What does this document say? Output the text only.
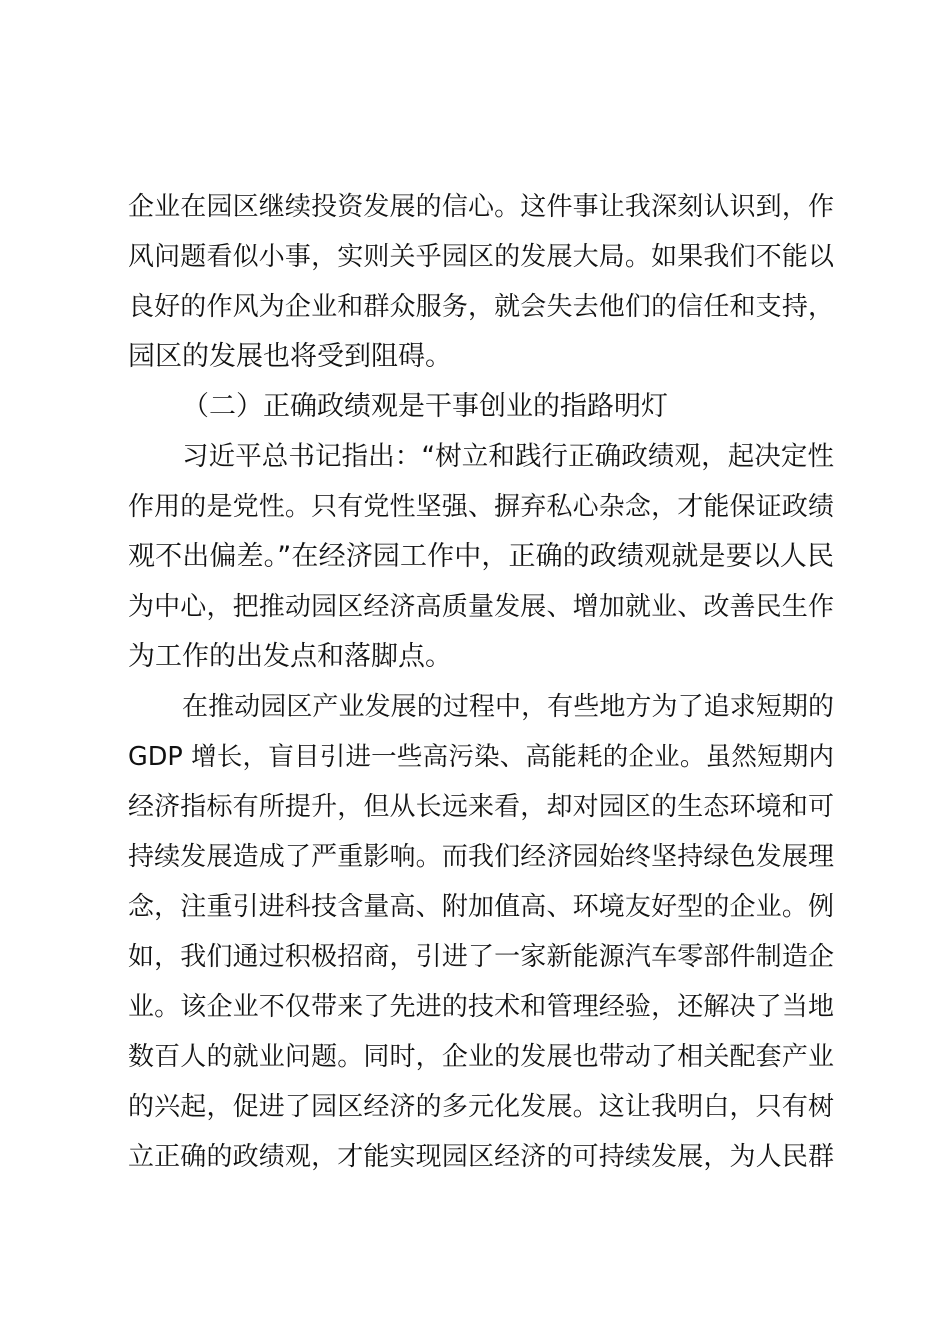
企业在园区继续投资发展的信心。这件事让我深刻认识到，作
风问题看似小事，实则关乎园区的发展大局。如果我们不能以
良好的作风为企业和群众服务，就会失去他们的信任和支持，
园区的发展也将受到阻碍。
（二）正确政绩观是干事创业的指路明灯
习近平总书记指出：“树立和践行正确政绩观，起决定性
作用的是党性。只有党性坚强、摒弃私心杂念，才能保证政绩
观不出偏差。”在经济园工作中，正确的政绩观就是要以人民
为中心，把推动园区经济高质量发展、增加就业、改善民生作
为工作的出发点和落脚点。
在推动园区产业发展的过程中，有些地方为了追求短期的
GDP 增长，盲目引进一些高污染、高能耗的企业。虽然短期内
经济指标有所提升，但从长远来看，却对园区的生态环境和可
持续发展造成了严重影响。而我们经济园始终坚持绿色发展理
念，注重引进科技含量高、附加值高、环境友好型的企业。例
如，我们通过积极招商，引进了一家新能源汽车零部件制造企
业。该企业不仅带来了先进的技术和管理经验，还解决了当地
数百人的就业问题。同时，企业的发展也带动了相关配套产业
的兴起，促进了园区经济的多元化发展。这让我明白，只有树
立正确的政绩观，才能实现园区经济的可持续发展，为人民群
